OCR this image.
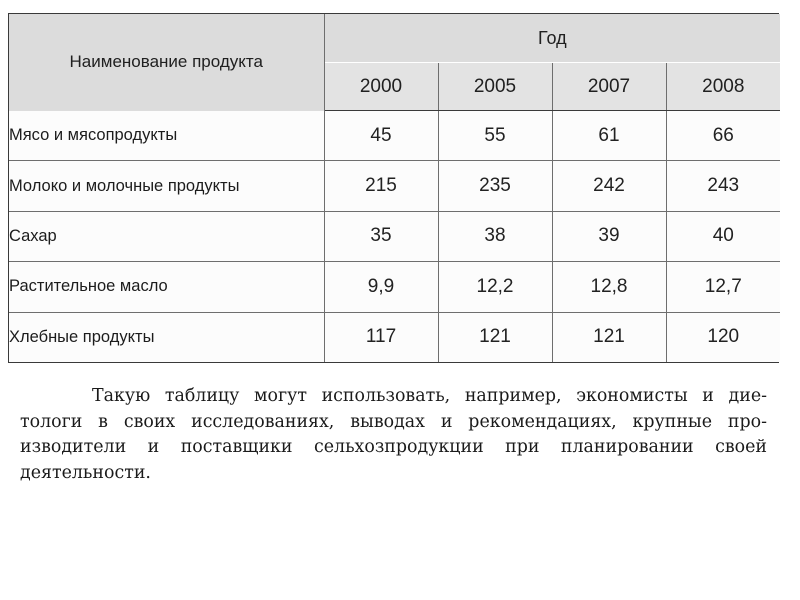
Наименование продукта	Год			
	2000	2005	2007	2008
Мясо и мясопродукты	45	55	61	66
Молоко и молочные продукты	215	235	242	243
Сахар	35	38	39	40
Растительное масло	9,9	12,2	12,8	12,7
Хлебные продукты	117	121	121	120
Такую таблицу могут использовать, например, экономисты и дие-
тологи в своих исследованиях, выводах и рекомендациях, крупные про-
изводители и поставщики сельхозпродукции при планировании своей
деятельности.
